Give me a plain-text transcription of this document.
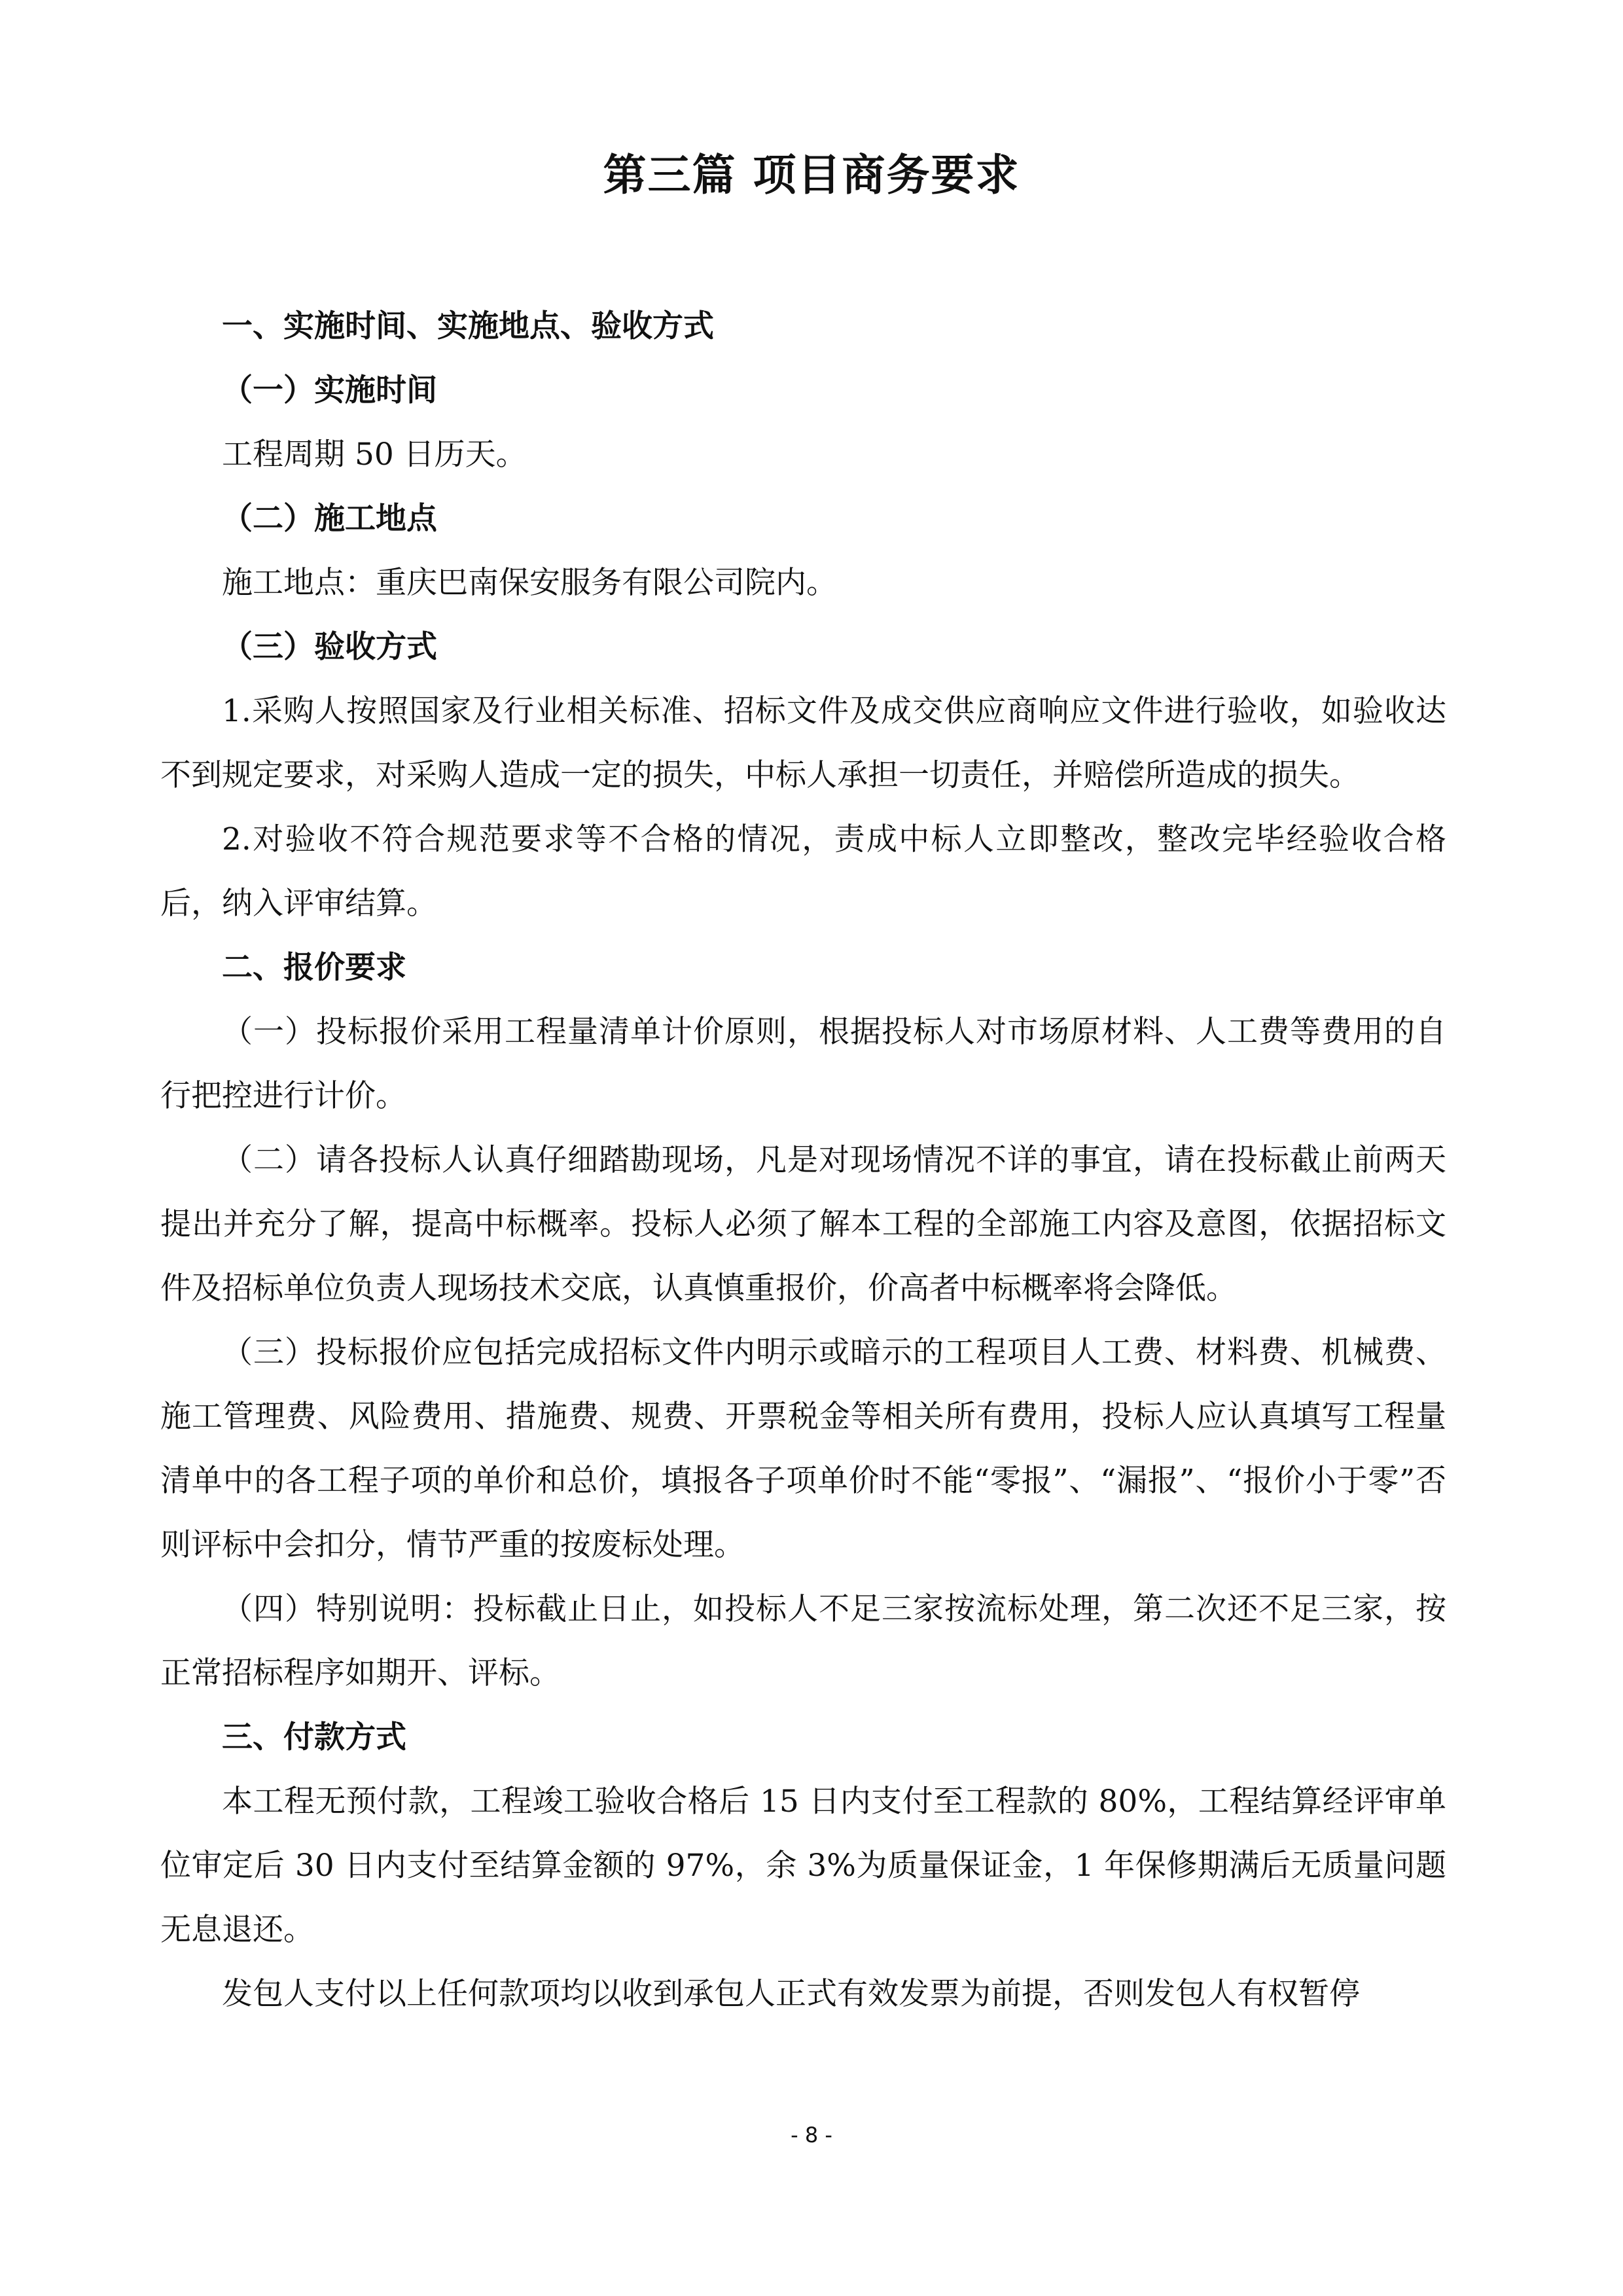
第三篇 项目商务要求
一、实施时间、实施地点、验收方式
（一）实施时间

工程周期 50 日历天。

（二）施工地点

施工地点：重庆巴南保安服务有限公司院内。

（三）验收方式

1.采购人按照国家及行业相关标准、招标文件及成交供应商响应文件进行验收，如验收达不到规定要求，对采购人造成一定的损失，中标人承担一切责任，并赔偿所造成的损失。

2.对验收不符合规范要求等不合格的情况，责成中标人立即整改，整改完毕经验收合格后，纳入评审结算。

二、报价要求

（一）投标报价采用工程量清单计价原则，根据投标人对市场原材料、人工费等费用的自行把控进行计价。

（二）请各投标人认真仔细踏勘现场，凡是对现场情况不详的事宜，请在投标截止前两天提出并充分了解，提高中标概率。投标人必须了解本工程的全部施工内容及意图，依据招标文件及招标单位负责人现场技术交底，认真慎重报价，价高者中标概率将会降低。

（三）投标报价应包括完成招标文件内明示或暗示的工程项目人工费、材料费、机械费、施工管理费、风险费用、措施费、规费、开票税金等相关所有费用，投标人应认真填写工程量清单中的各工程子项的单价和总价，填报各子项单价时不能“零报”、“漏报”、“报价小于零”否则评标中会扣分，情节严重的按废标处理。

（四）特别说明：投标截止日止，如投标人不足三家按流标处理，第二次还不足三家，按正常招标程序如期开、评标。

三、付款方式

本工程无预付款，工程竣工验收合格后 15 日内支付至工程款的 80%，工程结算经评审单位审定后 30 日内支付至结算金额的 97%，余 3%为质量保证金，1 年保修期满后无质量问题无息退还。

发包人支付以上任何款项均以收到承包人正式有效发票为前提，否则发包人有权暂停

- 8 -
